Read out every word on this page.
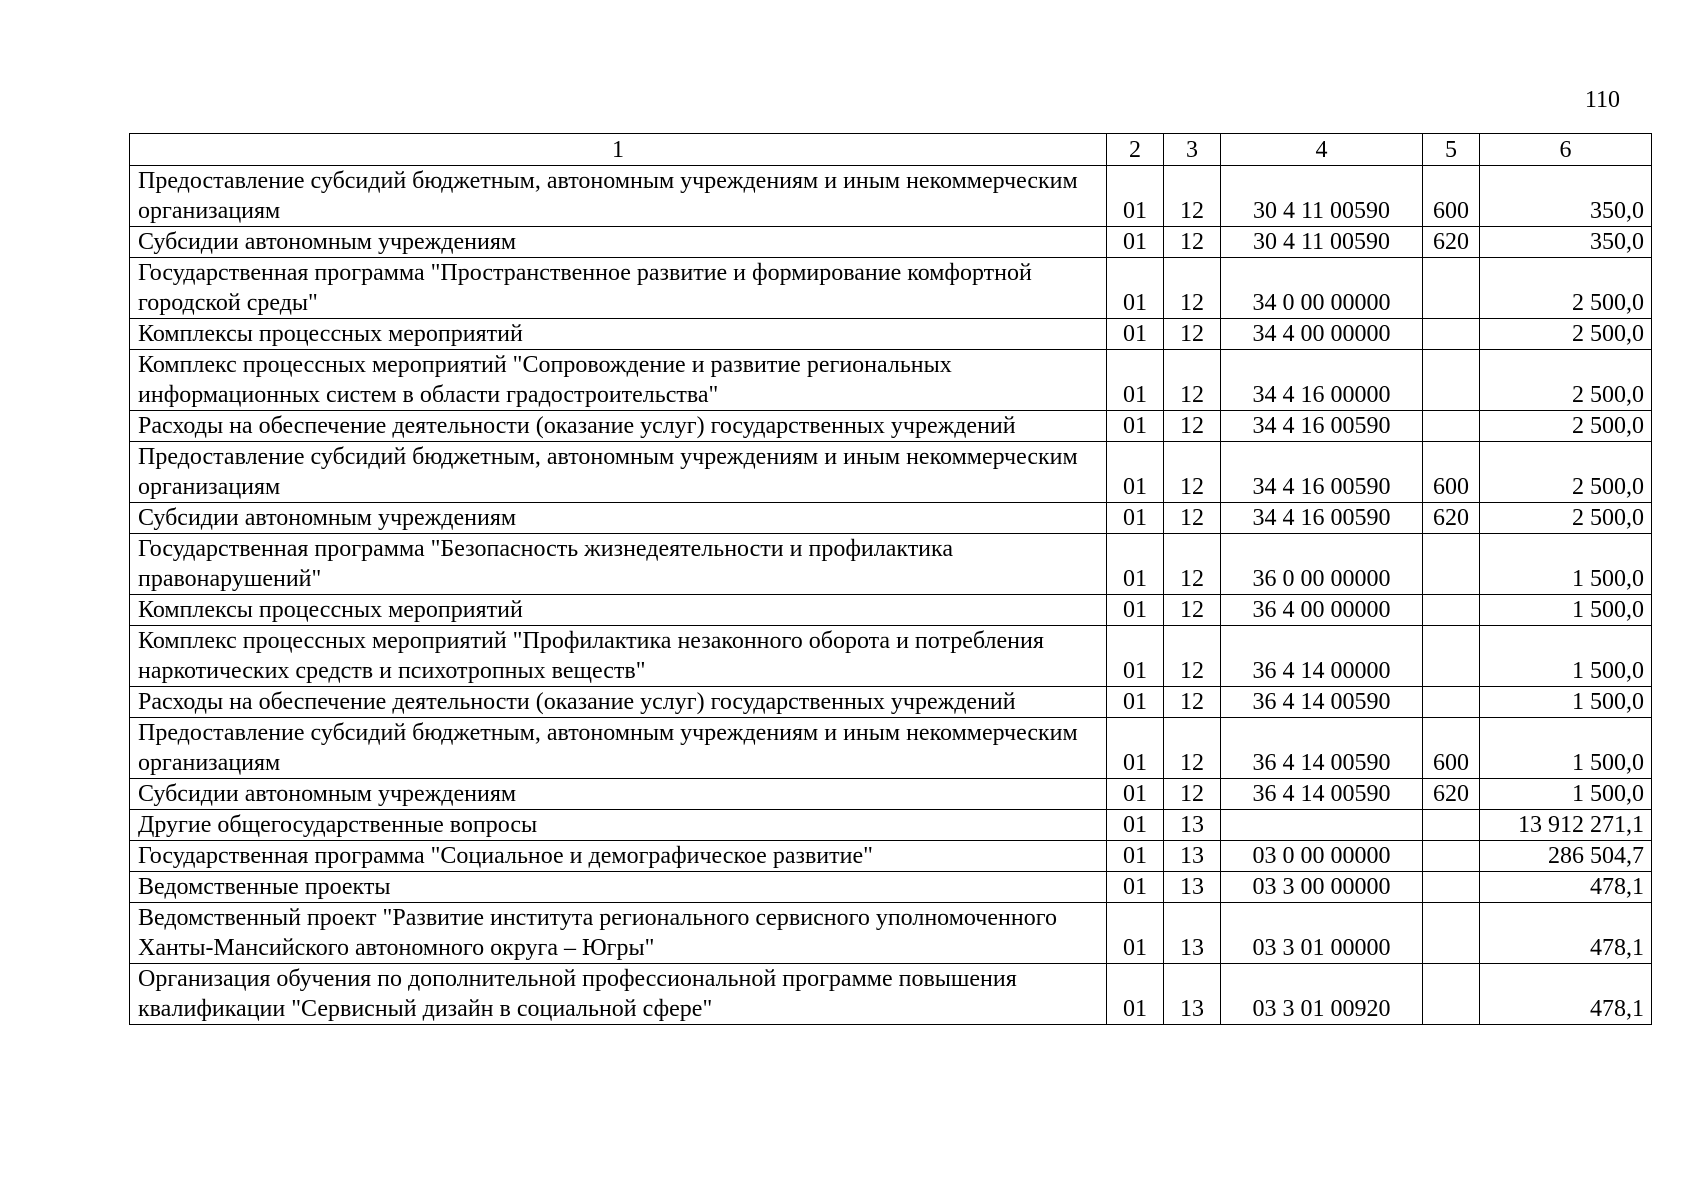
110
1	2	3	4	5	6
Предоставление субсидий бюджетным, автономным учреждениям и иным некоммерческим организациям	01	12	30 4 11 00590	600	350,0
Субсидии автономным учреждениям	01	12	30 4 11 00590	620	350,0
Государственная программа "Пространственное развитие и формирование комфортной городской среды"	01	12	34 0 00 00000		2 500,0
Комплексы процессных мероприятий	01	12	34 4 00 00000		2 500,0
Комплекс процессных мероприятий "Сопровождение и развитие региональных информационных систем в области градостроительства"	01	12	34 4 16 00000		2 500,0
Расходы на обеспечение деятельности (оказание услуг) государственных учреждений	01	12	34 4 16 00590		2 500,0
Предоставление субсидий бюджетным, автономным учреждениям и иным некоммерческим организациям	01	12	34 4 16 00590	600	2 500,0
Субсидии автономным учреждениям	01	12	34 4 16 00590	620	2 500,0
Государственная программа "Безопасность жизнедеятельности и профилактика правонарушений"	01	12	36 0 00 00000		1 500,0
Комплексы процессных мероприятий	01	12	36 4 00 00000		1 500,0
Комплекс процессных мероприятий "Профилактика незаконного оборота и потребления наркотических средств и психотропных веществ"	01	12	36 4 14 00000		1 500,0
Расходы на обеспечение деятельности (оказание услуг) государственных учреждений	01	12	36 4 14 00590		1 500,0
Предоставление субсидий бюджетным, автономным учреждениям и иным некоммерческим организациям	01	12	36 4 14 00590	600	1 500,0
Субсидии автономным учреждениям	01	12	36 4 14 00590	620	1 500,0
Другие общегосударственные вопросы	01	13			13 912 271,1
Государственная программа "Социальное и демографическое развитие"	01	13	03 0 00 00000		286 504,7
Ведомственные проекты	01	13	03 3 00 00000		478,1
Ведомственный проект "Развитие института регионального сервисного уполномоченного Ханты-Мансийского автономного округа – Югры"	01	13	03 3 01 00000		478,1
Организация обучения по дополнительной профессиональной программе повышения квалификации "Сервисный дизайн в социальной сфере"	01	13	03 3 01 00920		478,1
